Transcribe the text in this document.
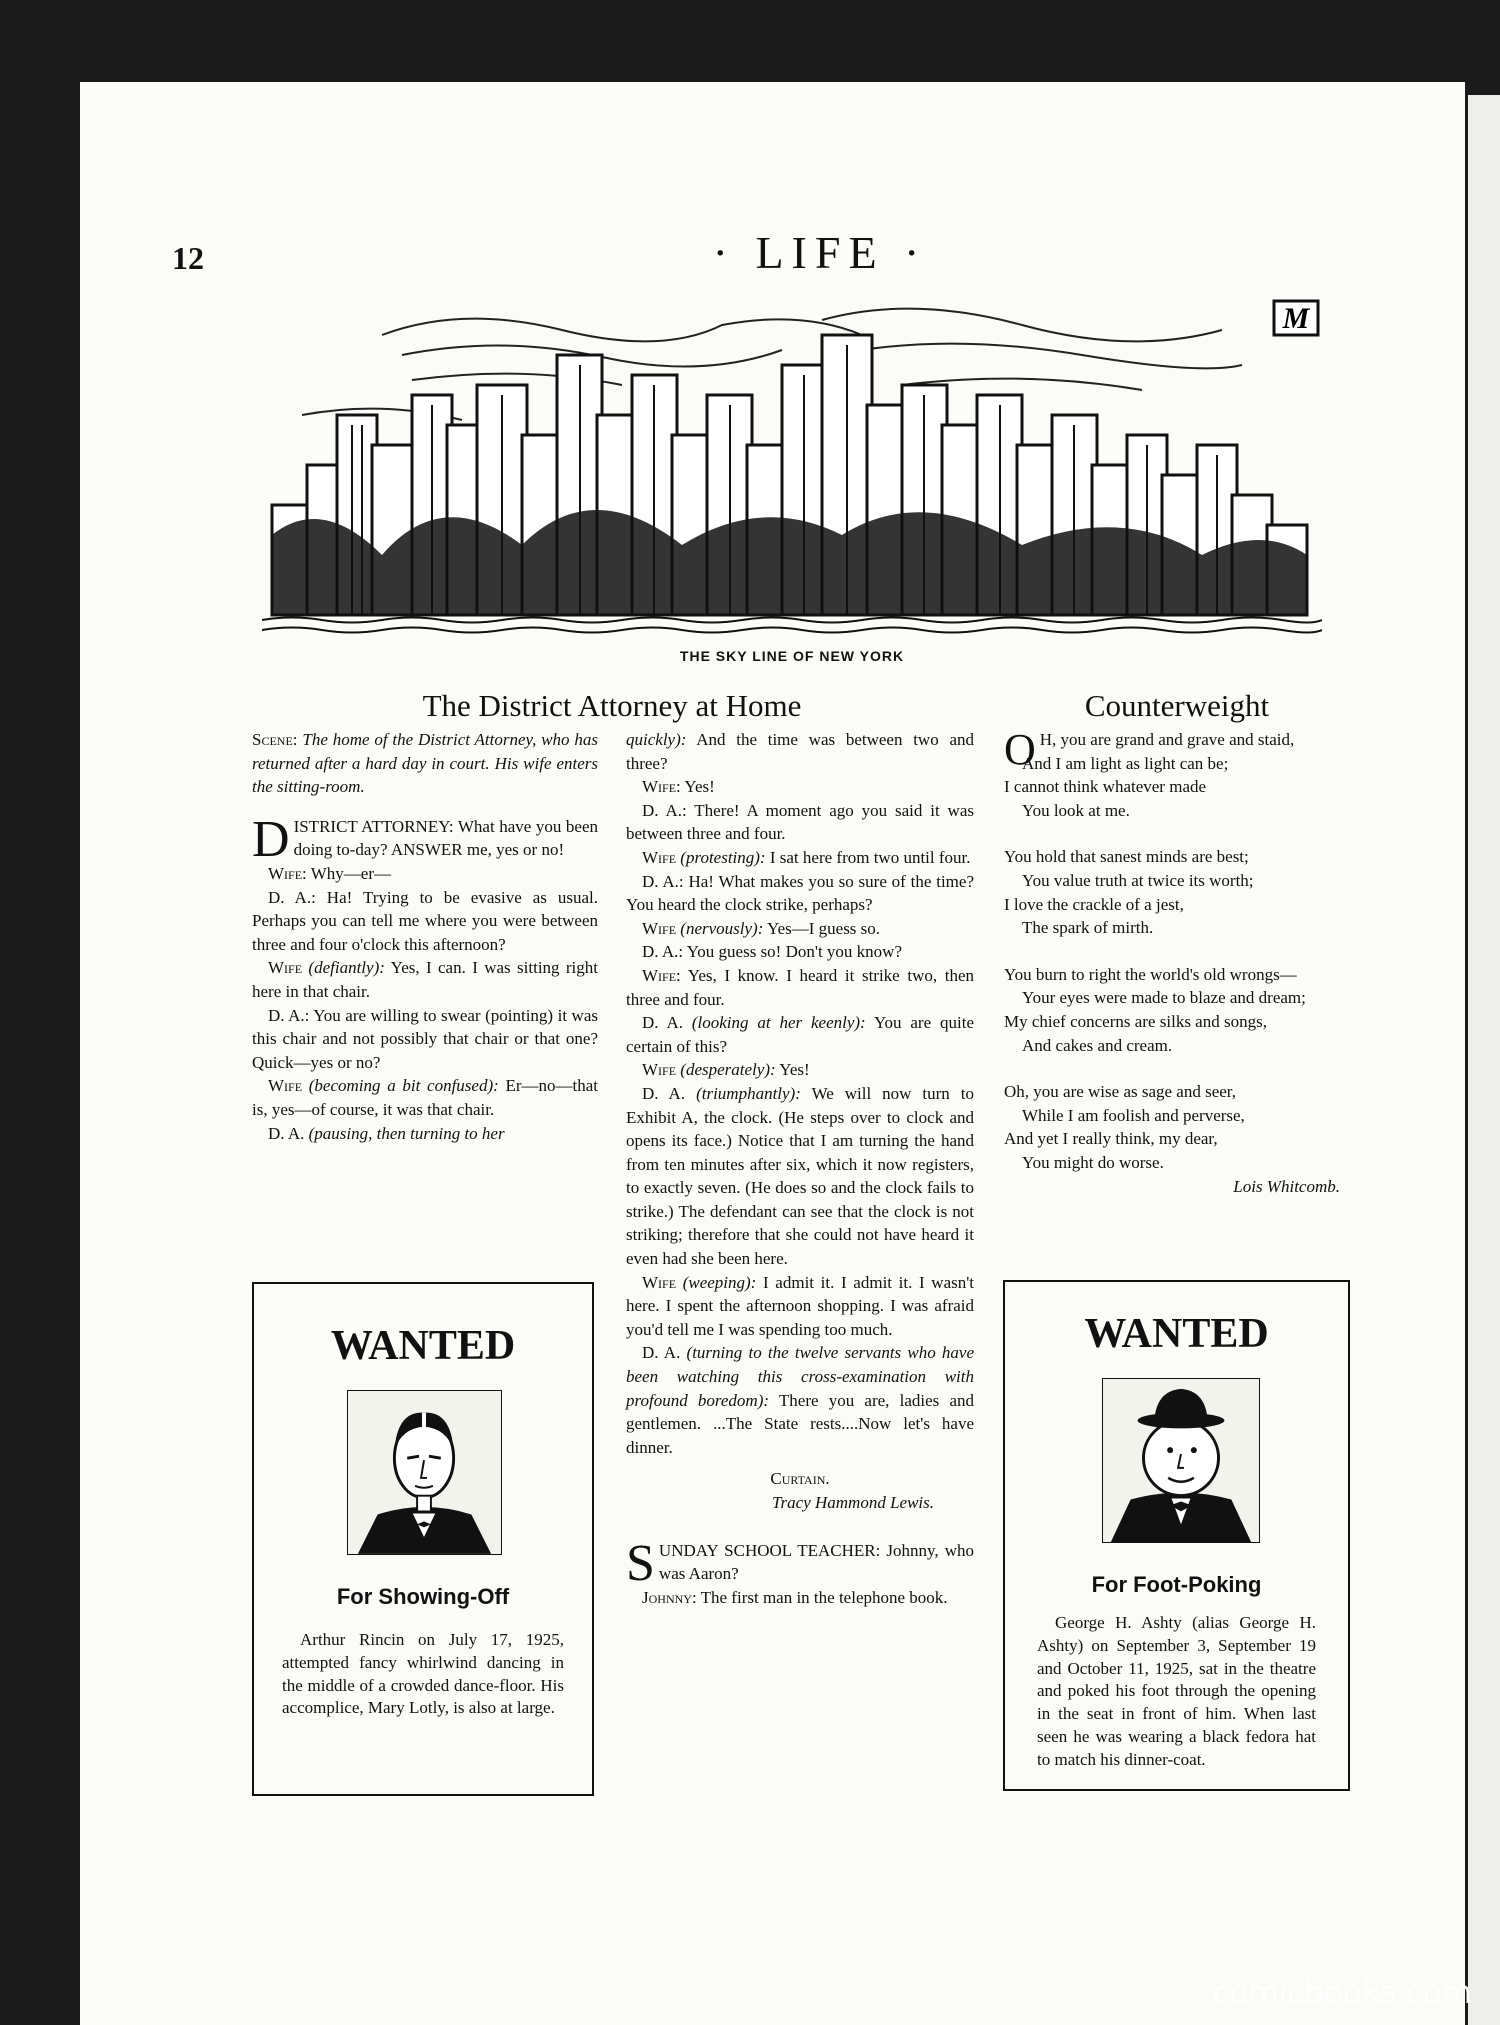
12	· LIFE ·
M
THE SKY LINE OF NEW YORK
The District Attorney at Home

Scene: The home of the District Attorney, who has returned after a hard day in court. His wife enters the sitting-room.

DISTRICT ATTORNEY: What have you been doing to-day? ANSWER me, yes or no!

Wife: Why—er—

D. A.: Ha! Trying to be evasive as usual. Perhaps you can tell me where you were between three and four o'clock this afternoon?

Wife (defiantly): Yes, I can. I was sitting right here in that chair.

D. A.: You are willing to swear (pointing) it was this chair and not possibly that chair or that one? Quick—yes or no?

Wife (becoming a bit confused): Er—no—that is, yes—of course, it was that chair.

D. A. (pausing, then turning to her

quickly): And the time was between two and three?

Wife: Yes!

D. A.: There! A moment ago you said it was between three and four.

Wife (protesting): I sat here from two until four.

D. A.: Ha! What makes you so sure of the time? You heard the clock strike, perhaps?

Wife (nervously): Yes—I guess so.

D. A.: You guess so! Don't you know?

Wife: Yes, I know. I heard it strike two, then three and four.

D. A. (looking at her keenly): You are quite certain of this?

Wife (desperately): Yes!

D. A. (triumphantly): We will now turn to Exhibit A, the clock. (He steps over to clock and opens its face.) Notice that I am turning the hand from ten minutes after six, which it now registers, to exactly seven. (He does so and the clock fails to strike.) The defendant can see that the clock is not striking; therefore that she could not have heard it even had she been here.

Wife (weeping): I admit it. I admit it. I wasn't here. I spent the afternoon shopping. I was afraid you'd tell me I was spending too much.

D. A. (turning to the twelve servants who have been watching this cross-examination with profound boredom): There you are, ladies and gentlemen. ...The State rests....Now let's have dinner.

Curtain.

Tracy Hammond Lewis.

SUNDAY SCHOOL TEACHER: Johnny, who was Aaron?

Johnny: The first man in the telephone book.

Counterweight
O H, you are grand and grave and staid,
And I am light as light can be;
I cannot think whatever made
You look at me.
You hold that sanest minds are best;
You value truth at twice its worth;
I love the crackle of a jest,
The spark of mirth.
You burn to right the world's old wrongs—
Your eyes were made to blaze and dream;
My chief concerns are silks and songs,
And cakes and cream.
Oh, you are wise as sage and seer,
While I am foolish and perverse,
And yet I really think, my dear,
You might do worse.
Lois Whitcomb.
WANTED
For Showing-Off

Arthur Rincin on July 17, 1925, attempted fancy whirlwind dancing in the middle of a crowded dance-floor. His accomplice, Mary Lotly, is also at large.

WANTED
For Foot-Poking

George H. Ashty (alias George H. Ashty) on September 3, September 19 and October 11, 1925, sat in the theatre and poked his foot through the opening in the seat in front of him. When last seen he was wearing a black fedora hat to match his dinner-coat.

comicbooks.com
